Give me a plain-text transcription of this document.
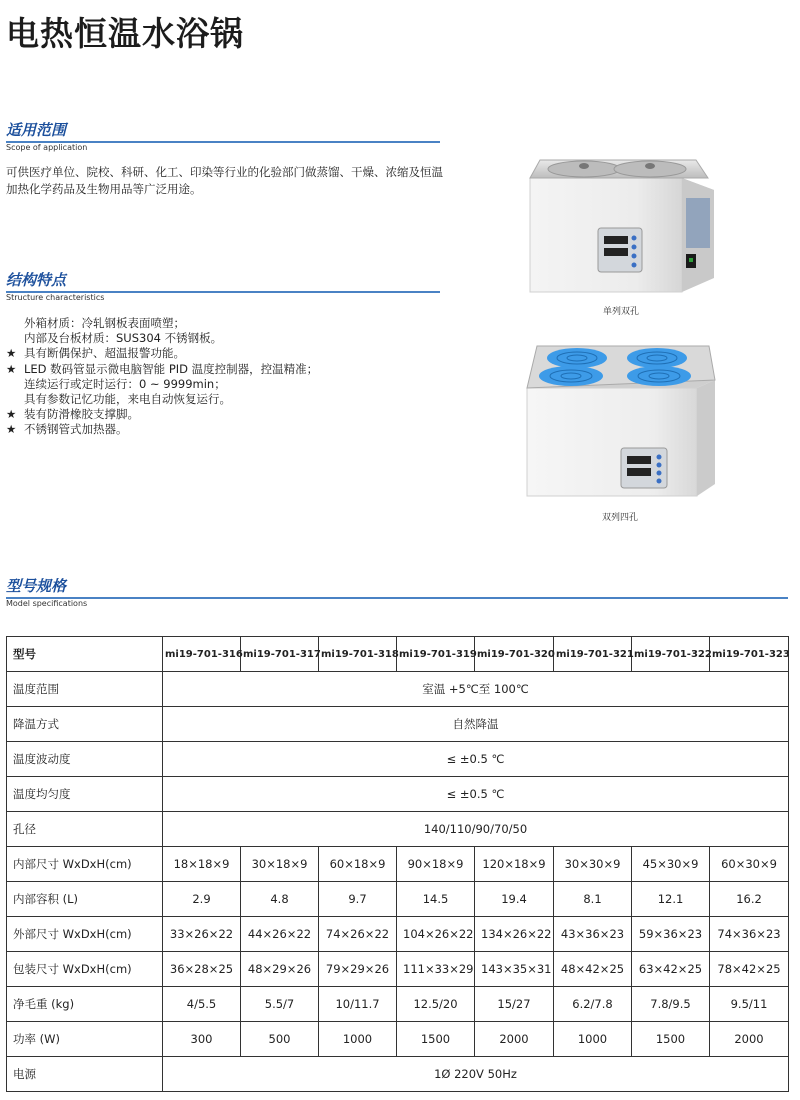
电热恒温水浴锅
适用范围
Scope of application
可供医疗单位、院校、科研、化工、印染等行业的化验部门做蒸馏、干燥、浓缩及恒温加热化学药品及生物用品等广泛用途。
结构特点
Structure characteristics
外箱材质：冷轧钢板表面喷塑；
内部及台板材质：SUS304 不锈钢板。
★ 具有断偶保护、超温报警功能。
★ LED 数码管显示微电脑智能 PID 温度控制器，控温精准；
连续运行或定时运行：0 ~ 9999min；
具有参数记忆功能，来电自动恢复运行。
★ 装有防滑橡胶支撑脚。
★ 不锈钢管式加热器。
单列双孔
双列四孔
型号规格
Model specifications
型号	mi19-701-316	mi19-701-317	mi19-701-318	mi19-701-319	mi19-701-320	mi19-701-321	mi19-701-322	mi19-701-323
温度范围	室温 +5℃至 100℃							
降温方式	自然降温							
温度波动度	≤ ±0.5 ℃							
温度均匀度	≤ ±0.5 ℃							
孔径	140/110/90/70/50							
内部尺寸 WxDxH(cm)	18×18×9	30×18×9	60×18×9	90×18×9	120×18×9	30×30×9	45×30×9	60×30×9
内部容积 (L)	2.9	4.8	9.7	14.5	19.4	8.1	12.1	16.2
外部尺寸 WxDxH(cm)	33×26×22	44×26×22	74×26×22	104×26×22	134×26×22	43×36×23	59×36×23	74×36×23
包装尺寸 WxDxH(cm)	36×28×25	48×29×26	79×29×26	111×33×29	143×35×31	48×42×25	63×42×25	78×42×25
净毛重 (kg)	4/5.5	5.5/7	10/11.7	12.5/20	15/27	6.2/7.8	7.8/9.5	9.5/11
功率 (W)	300	500	1000	1500	2000	1000	1500	2000
电源	1Ø 220V 50Hz							
